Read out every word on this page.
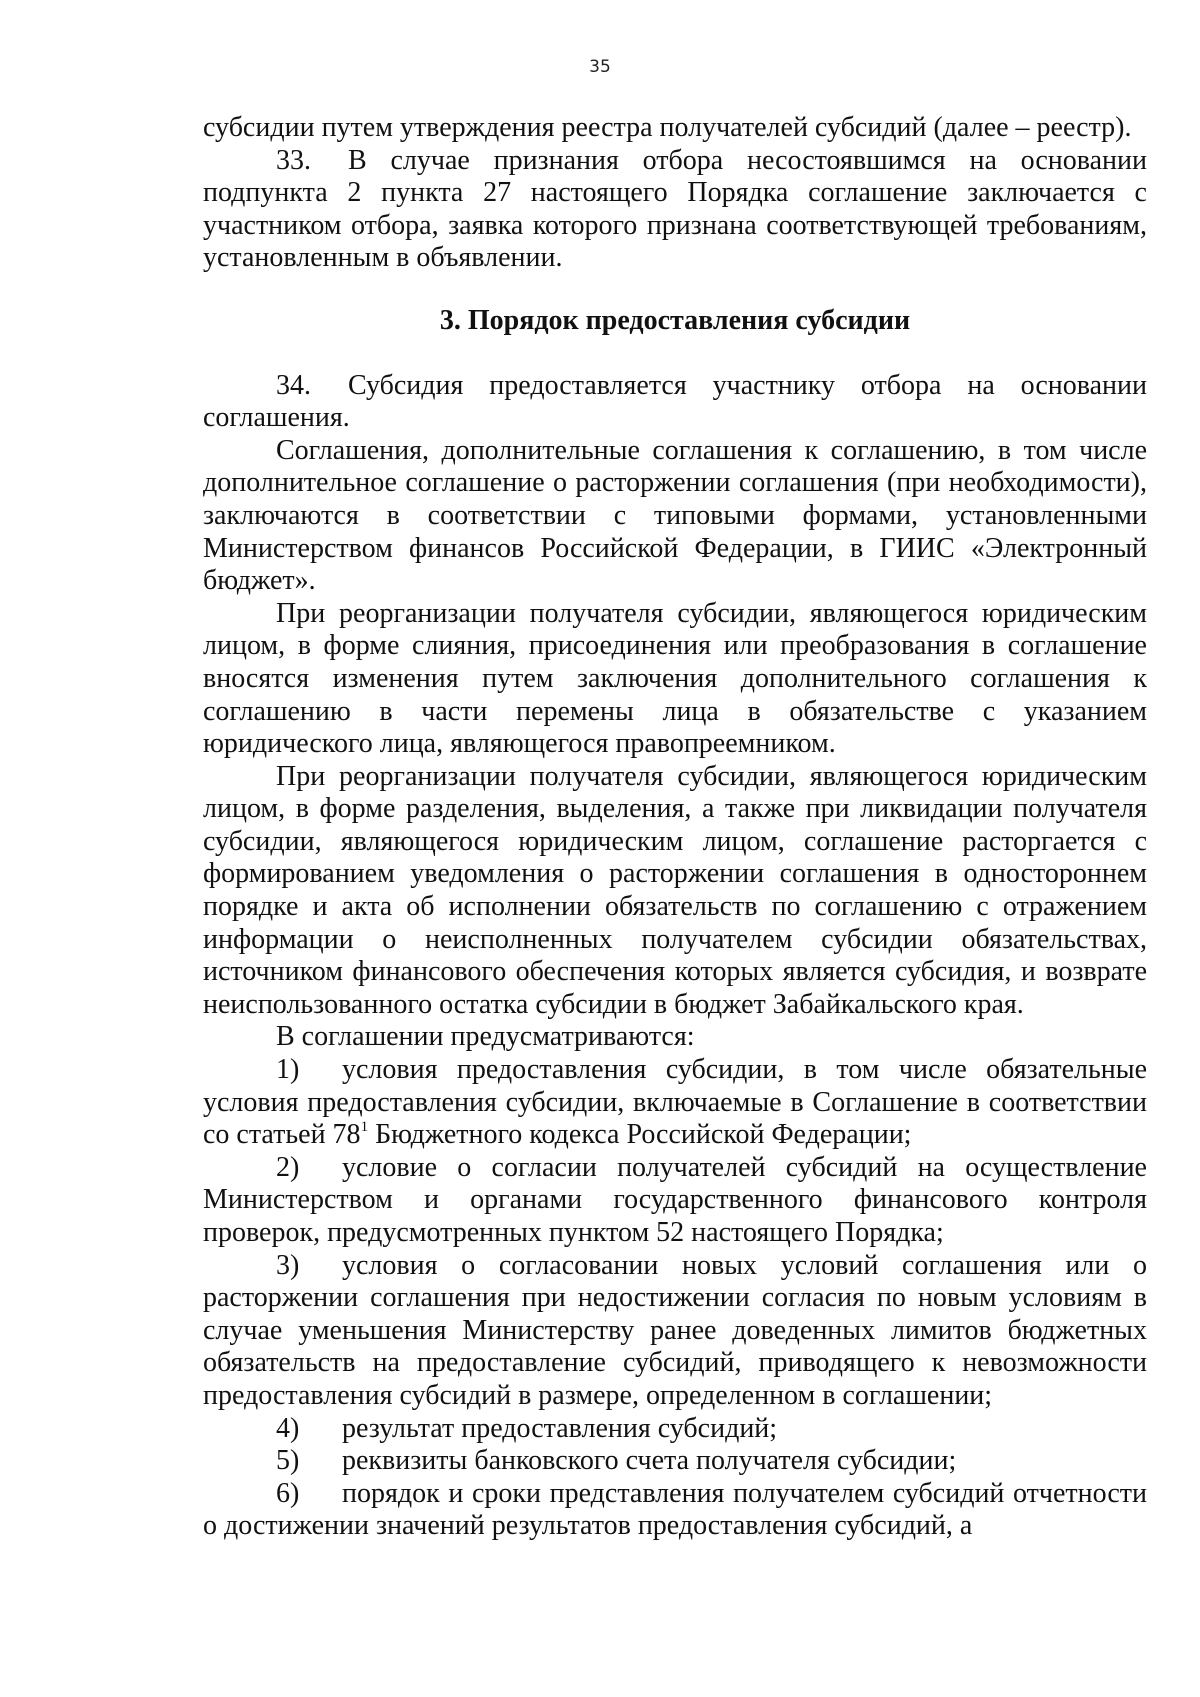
35

субсидии путем утверждения реестра получателей субсидий (далее – реестр).

33. В случае признания отбора несостоявшимся на основании подпункта 2 пункта 27 настоящего Порядка соглашение заключается с участником отбора, заявка которого признана соответствующей требованиям, установленным в объявлении.

3. Порядок предоставления субсидии

34. Субсидия предоставляется участнику отбора на основании соглашения.

Соглашения, дополнительные соглашения к соглашению, в том числе дополнительное соглашение о расторжении соглашения (при необходимости), заключаются в соответствии с типовыми формами, установленными Министерством финансов Российской Федерации, в ГИИС «Электронный бюджет».

При реорганизации получателя субсидии, являющегося юридическим лицом, в форме слияния, присоединения или преобразования в соглашение вносятся изменения путем заключения дополнительного соглашения к соглашению в части перемены лица в обязательстве с указанием юридического лица, являющегося правопреемником.

При реорганизации получателя субсидии, являющегося юридическим лицом, в форме разделения, выделения, а также при ликвидации получателя субсидии, являющегося юридическим лицом, соглашение расторгается с формированием уведомления о расторжении соглашения в одностороннем порядке и акта об исполнении обязательств по соглашению с отражением информации о неисполненных получателем субсидии обязательствах, источником финансового обеспечения которых является субсидия, и возврате неиспользованного остатка субсидии в бюджет Забайкальского края.

В соглашении предусматриваются:

1) условия предоставления субсидии, в том числе обязательные условия предоставления субсидии, включаемые в Соглашение в соответствии со статьей $78^1$ Бюджетного кодекса Российской Федерации;

2) условие о согласии получателей субсидий на осуществление Министерством и органами государственного финансового контроля проверок, предусмотренных пунктом 52 настоящего Порядка;

3) условия о согласовании новых условий соглашения или о расторжении соглашения при недостижении согласия по новым условиям в случае уменьшения Министерству ранее доведенных лимитов бюджетных обязательств на предоставление субсидий, приводящего к невозможности предоставления субсидий в размере, определенном в соглашении;

4) результат предоставления субсидий;

5) реквизиты банковского счета получателя субсидии;

6) порядок и сроки представления получателем субсидий отчетности о достижении значений результатов предоставления субсидий, а
